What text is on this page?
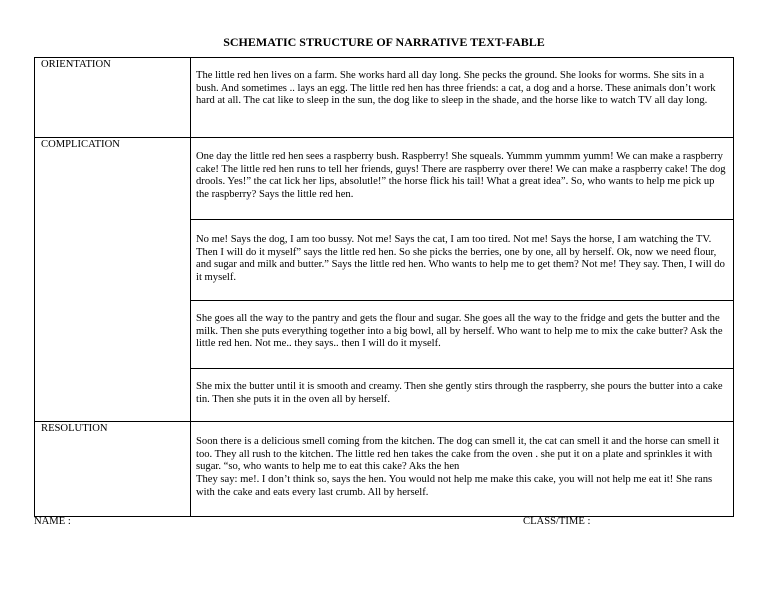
SCHEMATIC STRUCTURE OF NARRATIVE TEXT-FABLE
ORIENTATION	The little red hen lives on a farm. She works hard all day long. She pecks the ground. She looks for worms. She sits in a bush. And sometimes .. lays an egg. The little red hen has three friends: a cat, a dog and a horse. These animals don’t work hard at all. The cat like to sleep in the sun, the dog like to sleep in the shade, and the horse like to watch TV all day long.

COMPLICATION	One day the little red hen sees a raspberry bush. Raspberry! She squeals. Yummm yummm yumm! We can make a raspberry cake! The little red hen runs to tell her friends, guys! There are raspberry over there! We can make a raspberry cake! The dog drools. Yes!” the cat lick her lips, absolutle!” the horse flick his tail! What a great idea”. So, who wants to help me pick up the raspberry? Says the little red hen.

	No me! Says the dog, I am too bussy. Not me! Says the cat, I am too tired. Not me! Says the horse, I am watching the TV. Then I will do it myself” says the little red hen. So she picks the berries, one by one, all by herself. Ok, now we need flour, and sugar and milk and butter.” Says the little red hen. Who wants to help me to get them? Not me! They say. Then, I will do it myself.

	She goes all the way to the pantry and gets the flour and sugar. She goes all the way to the fridge and gets the butter and the milk. Then she puts everything together into a big bowl, all by herself. Who want to help me to mix the cake butter? Ask the little red hen. Not me.. they says.. then I will do it myself.

	She mix the butter until it is smooth and creamy. Then she gently stirs through the raspberry, she pours the butter into a cake tin. Then she puts it in the oven all by herself.

RESOLUTION	Soon there is a delicious smell coming from the kitchen. The dog can smell it, the cat can smell it and the horse can smell it too. They all rush to the kitchen. The little red hen takes the cake from the oven . she put it on a plate and sprinkles it with sugar. “so, who wants to help me to eat this cake? Aks the hen
They say: me!. I don’t think so, says the hen. You would not help me make this cake, you will not help me eat it! She rans with the cake and eats every last crumb. All by herself.
NAME :	CLASS/TIME :
